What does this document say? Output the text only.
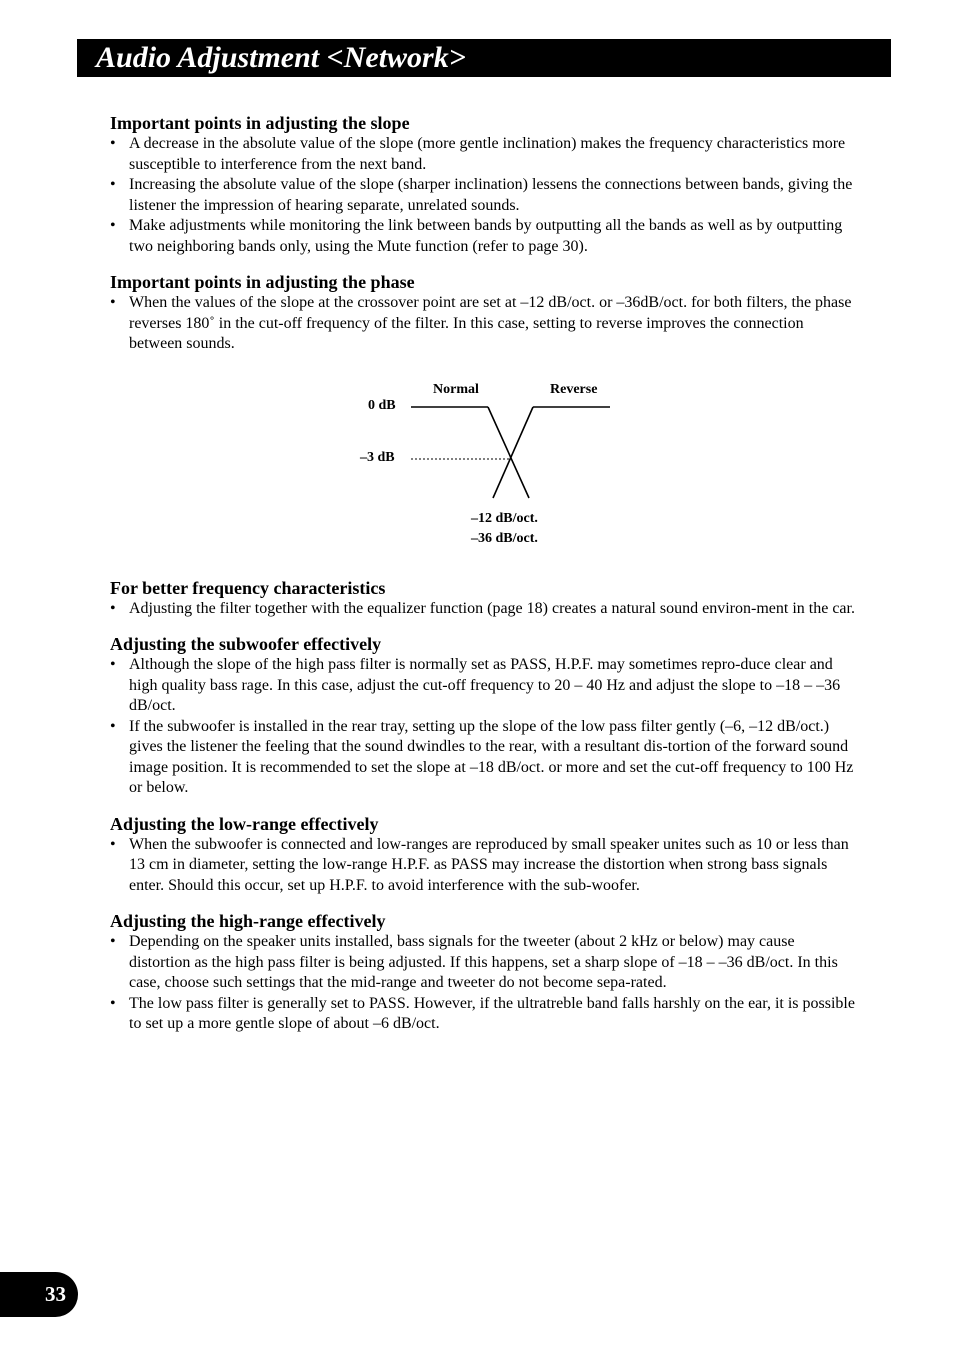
Audio Adjustment <Network>
Important points in adjusting the slope
• A decrease in the absolute value of the slope (more gentle inclination) makes the frequency characteristics more susceptible to interference from the next band.
• Increasing the absolute value of the slope (sharper inclination) lessens the connections between bands, giving the listener the impression of hearing separate, unrelated sounds.
• Make adjustments while monitoring the link between bands by outputting all the bands as well as by outputting two neighboring bands only, using the Mute function (refer to page 30).
Important points in adjusting the phase
• When the values of the slope at the crossover point are set at –12 dB/oct. or –36dB/oct. for both filters, the phase reverses 180˚ in the cut-off frequency of the filter. In this case, setting to reverse improves the connection between sounds.
Normal	Reverse
0 dB
–3 dB
–12 dB/oct.
–36 dB/oct.
For better frequency characteristics
• Adjusting the filter together with the equalizer function (page 18) creates a natural sound environ-ment in the car.
Adjusting the subwoofer effectively
• Although the slope of the high pass filter is normally set as PASS, H.P.F. may sometimes repro-duce clear and high quality bass rage. In this case, adjust the cut-off frequency to 20 – 40 Hz and adjust the slope to –18 – –36 dB/oct.
• If the subwoofer is installed in the rear tray, setting up the slope of the low pass filter gently (–6, –12 dB/oct.) gives the listener the feeling that the sound dwindles to the rear, with a resultant dis-tortion of the forward sound image position. It is recommended to set the slope at –18 dB/oct. or more and set the cut-off frequency to 100 Hz or below.
Adjusting the low-range effectively
• When the subwoofer is connected and low-ranges are reproduced by small speaker unites such as 10 or less than 13 cm in diameter, setting the low-range H.P.F. as PASS may increase the distortion when strong bass signals enter. Should this occur, set up H.P.F. to avoid interference with the sub-woofer.
Adjusting the high-range effectively
• Depending on the speaker units installed, bass signals for the tweeter (about 2 kHz or below) may cause distortion as the high pass filter is being adjusted. If this happens, set a sharp slope of –18 – –36 dB/oct. In this case, choose such settings that the mid-range and tweeter do not become sepa-rated.
• The low pass filter is generally set to PASS. However, if the ultratreble band falls harshly on the ear, it is possible to set up a more gentle slope of about –6 dB/oct.
33
